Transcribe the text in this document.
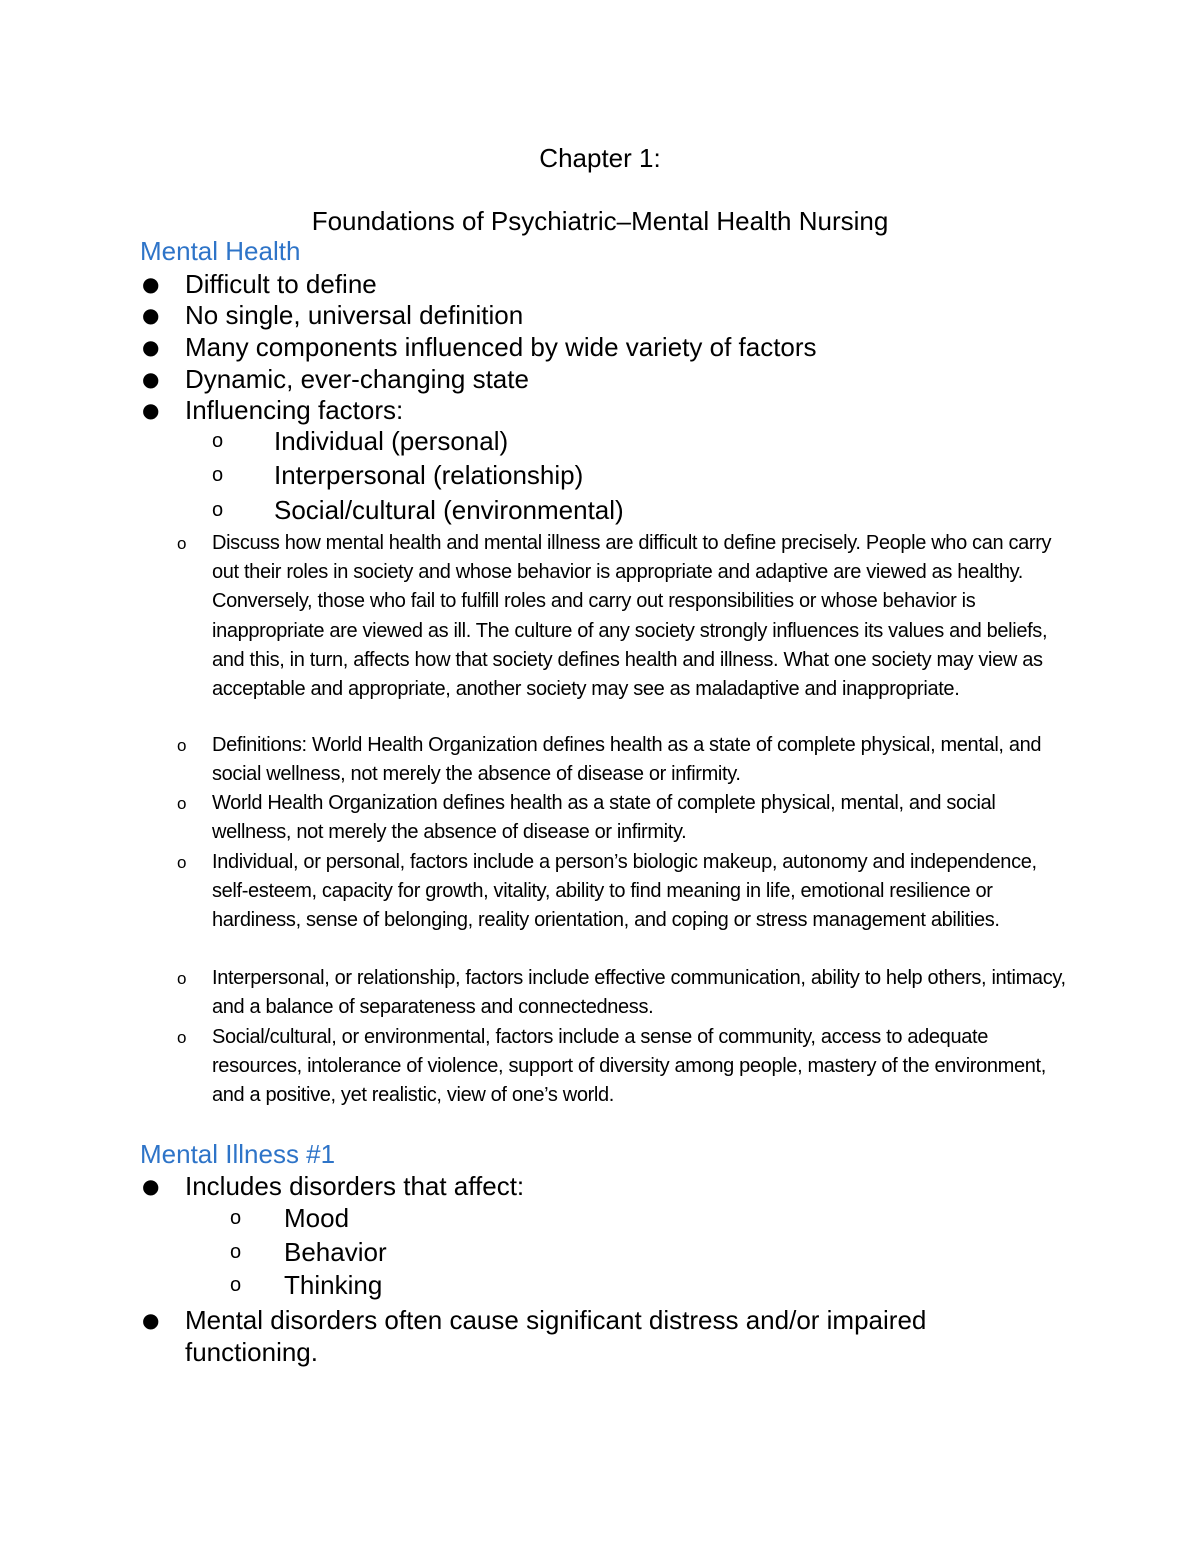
Chapter 1:
Foundations of Psychiatric–Mental Health Nursing
Mental Health
● Difficult to define
● No single, universal definition
● Many components influenced by wide variety of factors
● Dynamic, ever-changing state
● Influencing factors:
o Individual (personal)
o Interpersonal (relationship)
o Social/cultural (environmental)
o Discuss how mental health and mental illness are difficult to define precisely. People who can carry out their roles in society and whose behavior is appropriate and adaptive are viewed as healthy. Conversely, those who fail to fulfill roles and carry out responsibilities or whose behavior is inappropriate are viewed as ill. The culture of any society strongly influences its values and beliefs, and this, in turn, affects how that society defines health and illness. What one society may view as acceptable and appropriate, another society may see as maladaptive and inappropriate.
o Definitions: World Health Organization defines health as a state of complete physical, mental, and social wellness, not merely the absence of disease or infirmity.
o World Health Organization defines health as a state of complete physical, mental, and social wellness, not merely the absence of disease or infirmity.
o Individual, or personal, factors include a person’s biologic makeup, autonomy and independence, self-esteem, capacity for growth, vitality, ability to find meaning in life, emotional resilience or hardiness, sense of belonging, reality orientation, and coping or stress management abilities.
o Interpersonal, or relationship, factors include effective communication, ability to help others, intimacy, and a balance of separateness and connectedness.
o Social/cultural, or environmental, factors include a sense of community, access to adequate resources, intolerance of violence, support of diversity among people, mastery of the environment, and a positive, yet realistic, view of one’s world.
Mental Illness #1
● Includes disorders that affect:
o Mood
o Behavior
o Thinking
● Mental disorders often cause significant distress and/or impaired functioning.
